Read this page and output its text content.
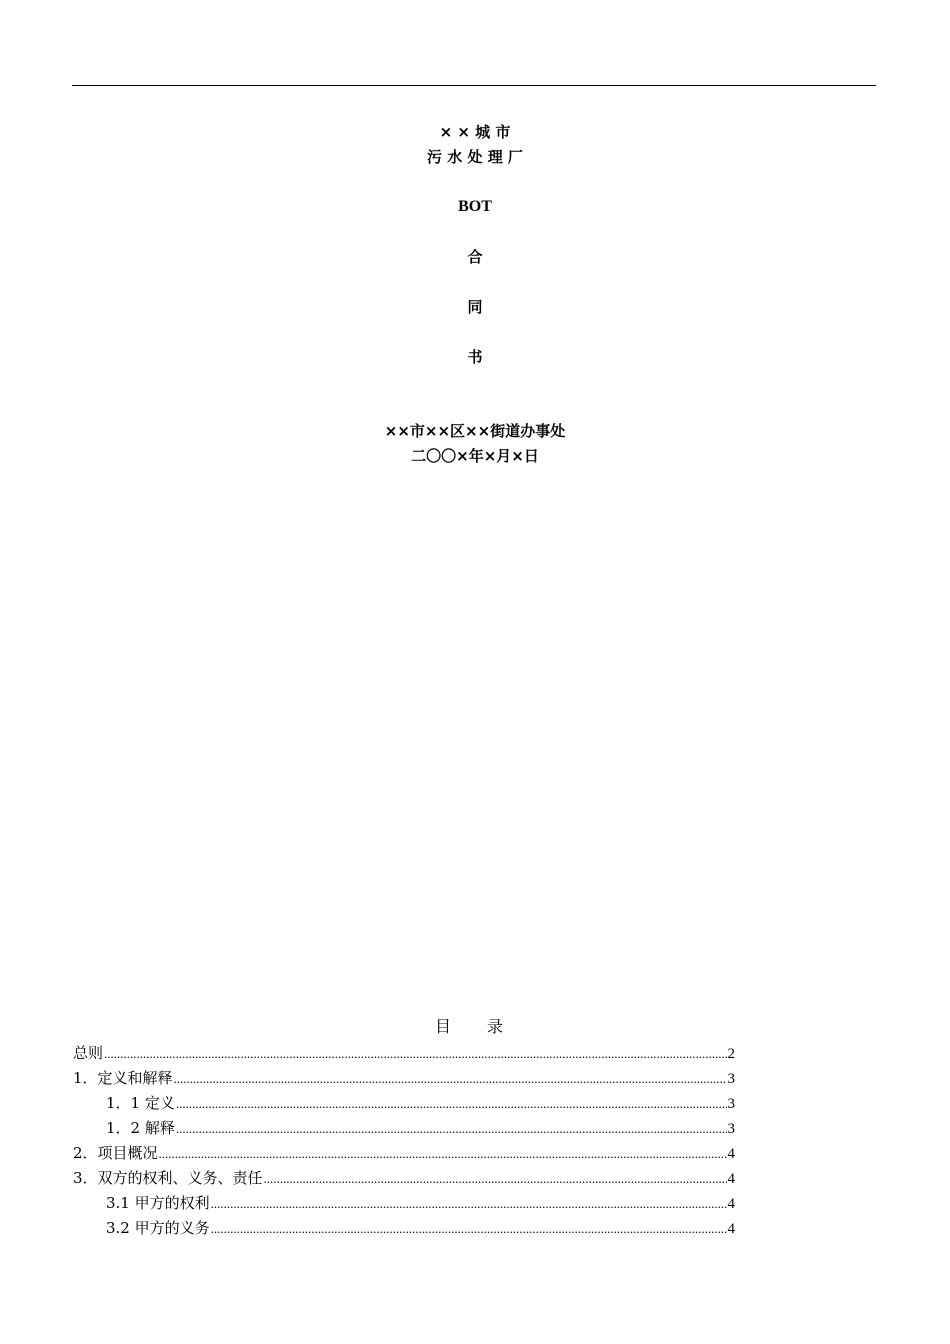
× × 城 市
污 水 处 理 厂
BOT
合
同
书
××市××区××街道办事处
二〇〇×年×月×日
目 录
总则 .....	2
1．定义和解释 .....	3
1．1 定义 .....	3
1．2 解释 .....	3
2．项目概况 .....	4
3．双方的权利、义务、责任 .....	4
3.1 甲方的权利 .....	4
3.2 甲方的义务 .....	4
